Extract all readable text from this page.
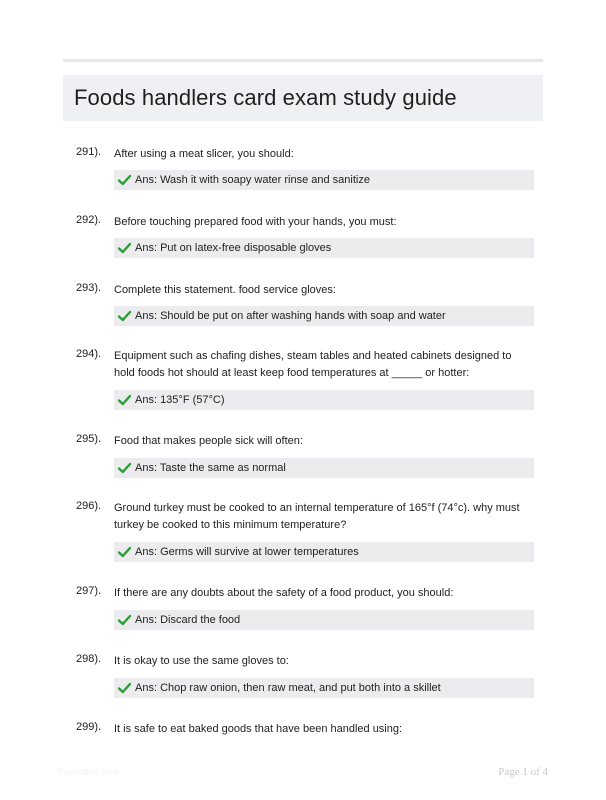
Foods handlers card exam study guide
291). After using a meat slicer, you should:
Ans: Wash it with soapy water rinse and sanitize
292). Before touching prepared food with your hands, you must:
Ans: Put on latex-free disposable gloves
293). Complete this statement. food service gloves:
Ans: Should be put on after washing hands with soap and water
294). Equipment such as chafing dishes, steam tables and heated cabinets designed to hold foods hot should at least keep food temperatures at _____ or hotter:
Ans: 135°F (57°C)
295). Food that makes people sick will often:
Ans: Taste the same as normal
296). Ground turkey must be cooked to an internal temperature of 165°f (74°c). why must turkey be cooked to this minimum temperature?
Ans: Germs will survive at lower temperatures
297). If there are any doubts about the safety of a food product, you should:
Ans: Discard the food
298). It is okay to use the same gloves to:
Ans: Chop raw onion, then raw meat, and put both into a skillet
299). It is safe to eat baked goods that have been handled using:
Papertible.com	Page 1 of 4
